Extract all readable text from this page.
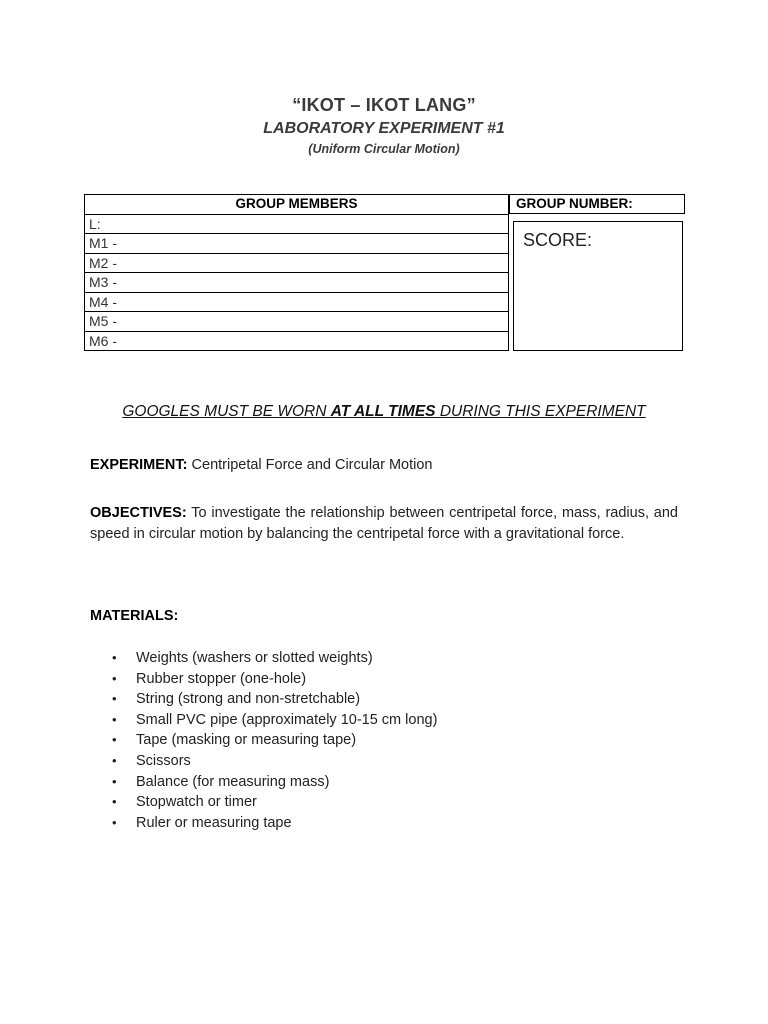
“IKOT – IKOT LANG”
LABORATORY EXPERIMENT #1
(Uniform Circular Motion)
GROUP MEMBERS
L:
M1 -
M2 -
M3 -
M4 -
M5 -
M6 -
GROUP NUMBER:
SCORE:
GOOGLES MUST BE WORN AT ALL TIMES DURING THIS EXPERIMENT
EXPERIMENT: Centripetal Force and Circular Motion
OBJECTIVES: To investigate the relationship between centripetal force, mass, radius, and speed in circular motion by balancing the centripetal force with a gravitational force.
MATERIALS:
• Weights (washers or slotted weights)
• Rubber stopper (one-hole)
• String (strong and non-stretchable)
• Small PVC pipe (approximately 10-15 cm long)
• Tape (masking or measuring tape)
• Scissors
• Balance (for measuring mass)
• Stopwatch or timer
• Ruler or measuring tape
